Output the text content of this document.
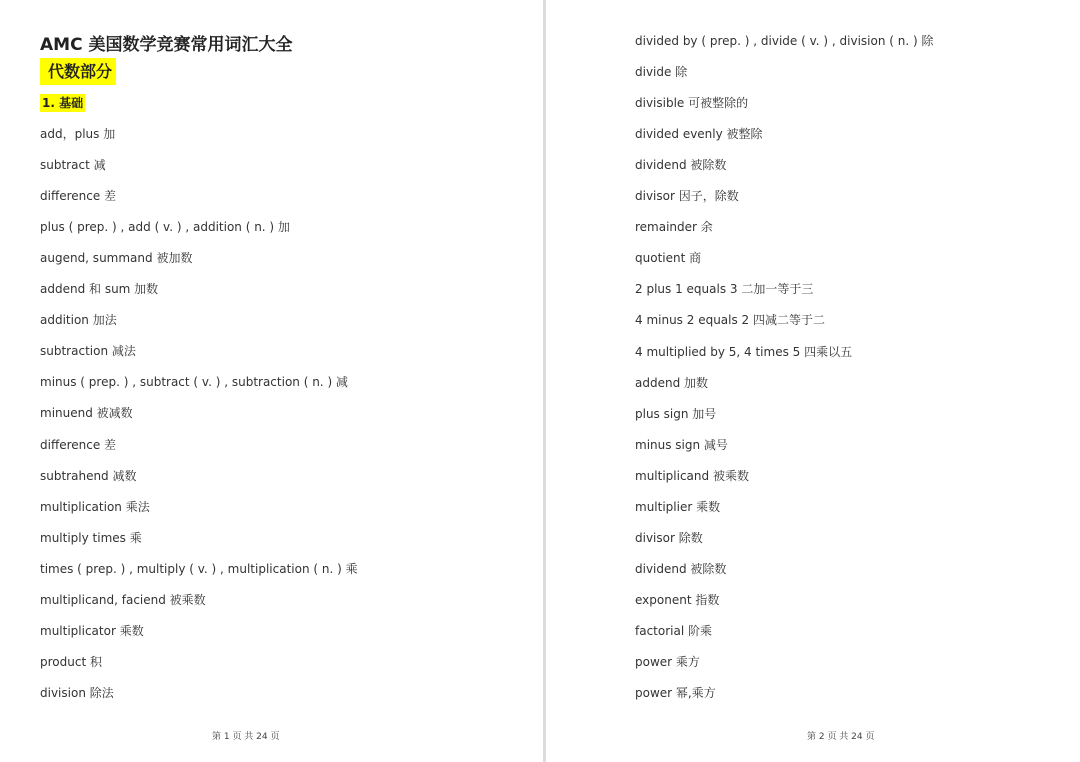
AMC 美国数学竞赛常用词汇大全
代数部分
1. 基础
add，plus 加
subtract 减
difference 差
plus ( prep. ) , add ( v. ) , addition ( n. ) 加
augend, summand 被加数
addend 和 sum 加数
addition 加法
subtraction 减法
minus ( prep. ) , subtract ( v. ) , subtraction ( n. ) 减
minuend 被减数
difference 差
subtrahend 减数
multiplication 乘法
multiply times 乘
times ( prep. ) , multiply ( v. ) , multiplication ( n. ) 乘
multiplicand, faciend 被乘数
multiplicator 乘数
product 积
division 除法
第 1 页 共 24 页
divided by ( prep. ) , divide ( v. ) , division ( n. ) 除
divide 除
divisible 可被整除的
divided evenly 被整除
dividend 被除数
divisor 因子，除数
remainder 余
quotient 商
2 plus 1 equals 3 二加一等于三
4 minus 2 equals 2 四减二等于二
4 multiplied by 5, 4 times 5 四乘以五
addend 加数
plus sign 加号
minus sign 减号
multiplicand 被乘数
multiplier 乘数
divisor 除数
dividend 被除数
exponent 指数
factorial 阶乘
power 乘方
power 幂,乘方
第 2 页 共 24 页
